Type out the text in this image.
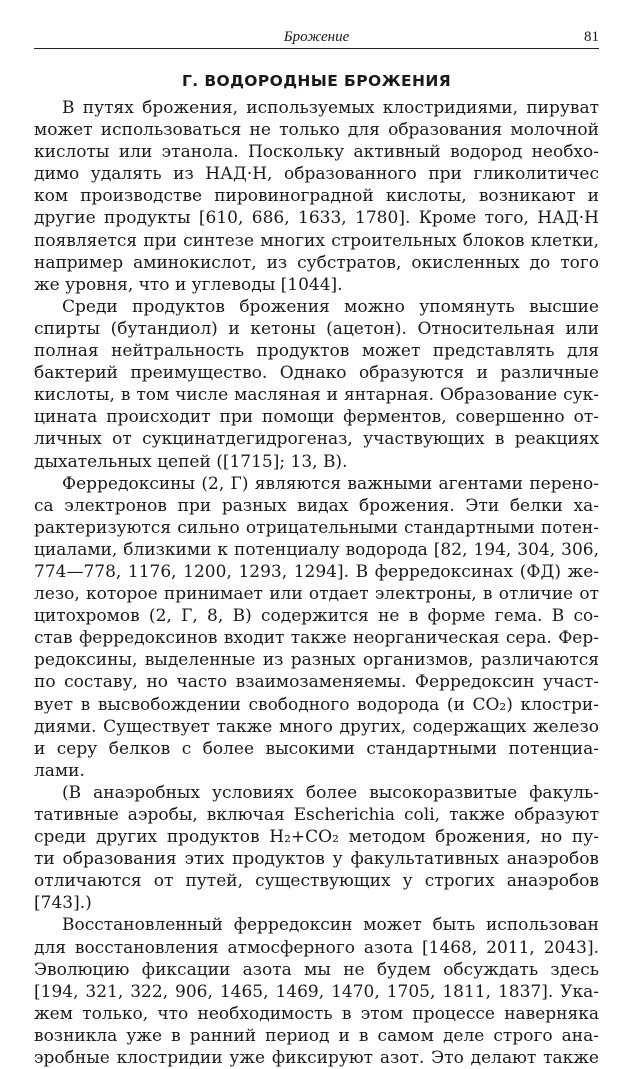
Брожение	81
Г. ВОДОРОДНЫЕ БРОЖЕНИЯ
В путях брожения, используемых клостридиями, пируват
может использоваться не только для образования молочной
кислоты или этанола. Поскольку активный водород необхо-
димо удалять из НАД·Н, образованного при гликолитичес
ком производстве пировиноградной кислоты, возникают и
другие продукты [610, 686, 1633, 1780]. Кроме того, НАД·Н
появляется при синтезе многих строительных блоков клетки,
например аминокислот, из субстратов, окисленных до того
же уровня, что и углеводы [1044].
Среди продуктов брожения можно упомянуть высшие
спирты (бутандиол) и кетоны (ацетон). Относительная или
полная нейтральность продуктов может представлять для
бактерий преимущество. Однако образуются и различные
кислоты, в том числе масляная и янтарная. Образование сук-
цината происходит при помощи ферментов, совершенно от-
личных от сукцинатдегидрогеназ, участвующих в реакциях
дыхательных цепей ([1715]; 13, В).
Ферредоксины (2, Г) являются важными агентами перено-
са электронов при разных видах брожения. Эти белки ха-
рактеризуются сильно отрицательными стандартными потен-
циалами, близкими к потенциалу водорода [82, 194, 304, 306,
774—778, 1176, 1200, 1293, 1294]. В ферредоксинах (ФД) же-
лезо, которое принимает или отдает электроны, в отличие от
цитохромов (2, Г, 8, В) содержится не в форме гема. В со-
став ферредоксинов входит также неорганическая сера. Фер-
редоксины, выделенные из разных организмов, различаются
по составу, но часто взаимозаменяемы. Ферредоксин участ-
вует в высвобождении свободного водорода (и CO₂) клостри-
диями. Существует также много других, содержащих железо
и серу белков с более высокими стандартными потенциа-
лами.
(В анаэробных условиях более высокоразвитые факуль-
тативные аэробы, включая Escherichia coli, также образуют
среди других продуктов H₂+CO₂ методом брожения, но пу-
ти образования этих продуктов у факультативных анаэробов
отличаются от путей, существующих у строгих анаэробов
[743].)
Восстановленный ферредоксин может быть использован
для восстановления атмосферного азота [1468, 2011, 2043].
Эволюцию фиксации азота мы не будем обсуждать здесь
[194, 321, 322, 906, 1465, 1469, 1470, 1705, 1811, 1837]. Ука-
жем только, что необходимость в этом процессе наверняка
возникла уже в ранний период и в самом деле строго ана-
эробные клостридии уже фиксируют азот. Это делают также
